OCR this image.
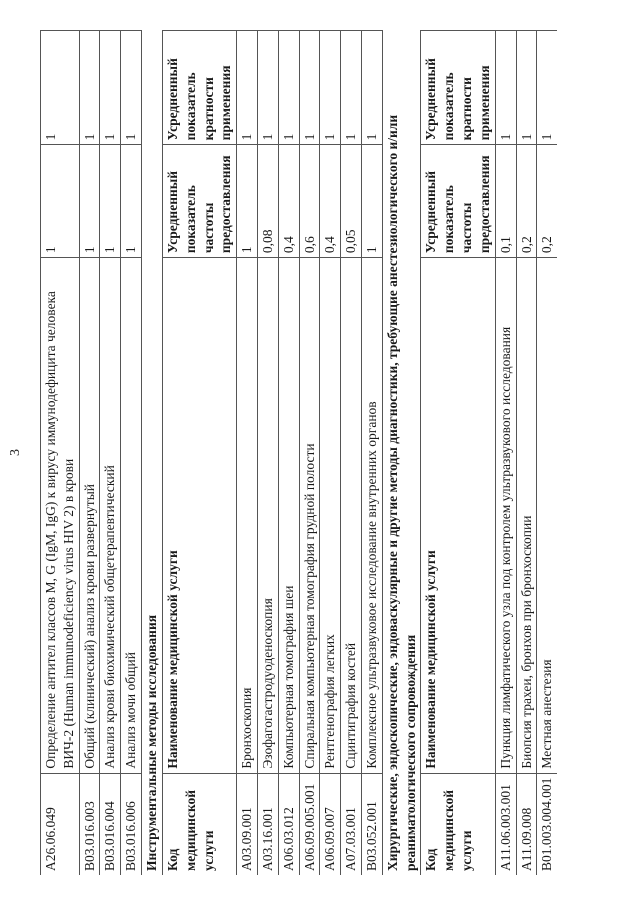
3
A26.06.049	Определение антител классов M, G (IgM, IgG) к вирусу иммунодефицита человека ВИЧ-2 (Human immunodeficiency virus HIV 2) в крови	1	1
B03.016.003	Общий (клинический) анализ крови развернутый	1	1
B03.016.004	Анализ крови биохимический общетерапевтический	1	1
B03.016.006	Анализ мочи общий	1	1
Инструментальные методы исследования			
Код медицинской услуги	Наименование медицинской услуги	Усредненный показатель частоты предоставления	Усредненный показатель кратности применения
A03.09.001	Бронхоскопия	1	1
A03.16.001	Эзофагогастродуоденоскопия	0,08	1
A06.03.012	Компьютерная томография шеи	0,4	1
A06.09.005.001	Спиральная компьютерная томография грудной полости	0,6	1
A06.09.007	Рентгенография легких	0,4	1
A07.03.001	Сцинтиграфия костей	0,05	1
B03.052.001	Комплексное ультразвуковое исследование внутренних органов	1	1
Хирургические, эндоскопические, эндоваскулярные и другие методы диагностики, требующие анестезиологического и/или реаниматологического сопровождения			
Код медицинской услуги	Наименование медицинской услуги	Усредненный показатель частоты предоставления	Усредненный показатель кратности применения
A11.06.003.001	Пункция лимфатического узла под контролем ультразвукового исследования	0,1	1
A11.09.008	Биопсия трахеи, бронхов при бронхоскопии	0,2	1
B01.003.004.001	Местная анестезия	0,2	1
